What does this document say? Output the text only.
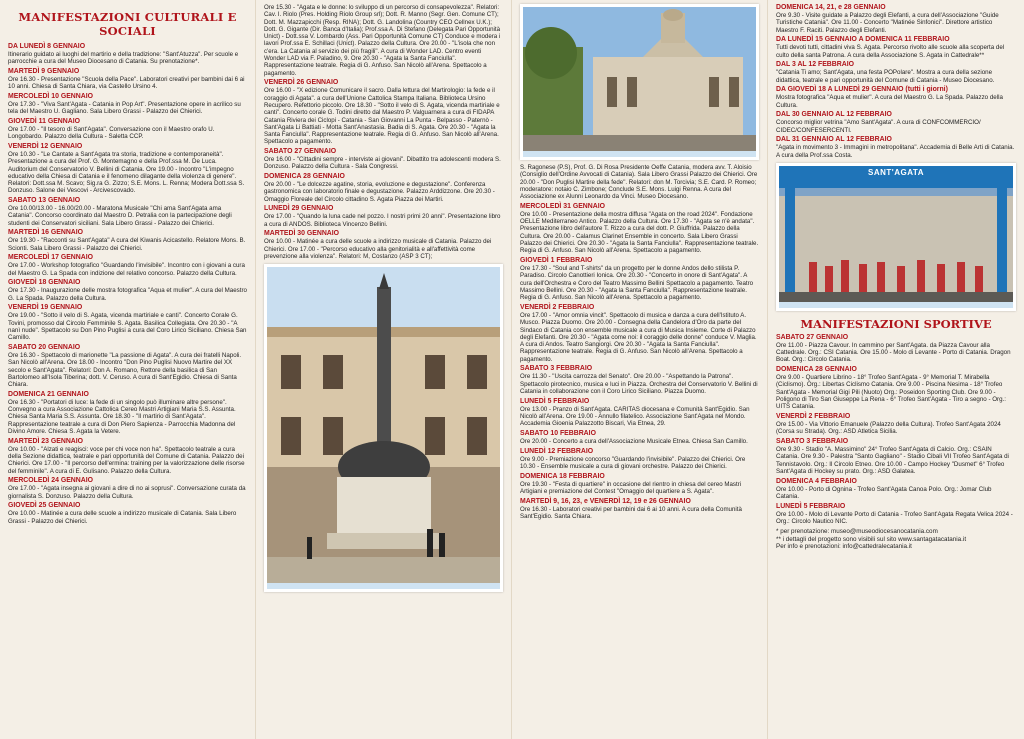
MANIFESTAZIONI CULTURALI E SOCIALI
DA LUNEDÌ 8 GENNAIO
Itinerario guidato ai luoghi del martirio e della tradizione: "Sant'Atuzza". Per scuole e parrocchie a cura del Museo Diocesano di Catania. Su prenotazione*.
MARTEDÌ 9 GENNAIO
Ore 16.30 - Presentazione "Scuola della Pace". Laboratori creativi per bambini dai 6 ai 10 anni. Chiesa di Santa Chiara, via Castello Ursino 4.
MERCOLEDÌ 10 GENNAIO
Ore 17.30 - "Viva Sant'Agata - Catania in Pop Art". Presentazione opere in acrilico su tela del Maestro U. Gagliano. Sala Libero Grassi - Palazzo dei Chierici.
GIOVEDÌ 11 GENNAIO
Ore 17.00 - "Il tesoro di Sant'Agata". Conversazione con il Maestro orafo U. Longobardo. Palazzo della Cultura - Saletta CCP.
VENERDÌ 12 GENNAIO
Ore 10.30 - "Le Cantate a Sant'Agata tra storia, tradizione e contemporaneità". Presentazione a cura del Prof. G. Montemagno e della Prof.ssa M. De Luca. Auditorium del Conservatorio V. Bellini di Catania. Ore 19.00 - Incontro "L'impegno educativo della Chiesa di Catania e il fenomeno dilagante della violenza di genere". Relatori: Dott.ssa M. Scavo; Sig.ra G. Zizzo; S.E. Mons. L. Renna; Modera Dott.ssa S. Donzuso. Salone dei Vescovi - Arcivescovado.
SABATO 13 GENNAIO
Ore 10.00/13.00 - 16.00/20.00 - Maratona Musicale "Chi ama Sant'Agata ama Catania". Concorso coordinato dal Maestro D. Petralia con la partecipazione degli studenti dei Conservatori siciliani. Sala Libero Grassi - Palazzo dei Chierici.
MARTEDÌ 16 GENNAIO
Ore 19.30 - "Racconti su Sant'Agata" A cura del Kiwanis Acicastello. Relatore Mons. B. Scionti. Sala Libero Grassi - Palazzo dei Chierici.
MERCOLEDÌ 17 GENNAIO
Ore 17.00 - Workshop fotografico "Guardando l'invisibile". Incontro con i giovani a cura del Maestro G. La Spada con indizione del relativo concorso. Palazzo della Cultura.
GIOVEDÌ 18 GENNAIO
Ore 17.30 - Inaugurazione delle mostra fotografica "Aqua et mulier". A cura del Maestro G. La Spada. Palazzo della Cultura.
VENERDÌ 19 GENNAIO
Ore 19.00 - "Sotto il velo di S. Agata, vicenda martiriale e canti". Concerto Corale G. Tovini, promosso dal Circolo Femminile S. Agata. Basilica Collegiata. Ore 20.30 - "A nanì nude". Spettacolo su Don Pino Puglisi a cura del Coro Lirico Siciliano. Chiesa San Camillo.
SABATO 20 GENNAIO
Ore 16.30 - Spettacolo di marionette "La passione di Agata". A cura dei fratelli Napoli. San Nicolò all'Arena. Ore 18.00 - Incontro "Don Pino Puglisi Nuovo Martire del XX secolo e Sant'Agata". Relatori: Don A. Romano, Rettore della basilica di San Bartolomeo all'Isola Tiberina; dott. V. Ceruso. A cura di Sant'Egidio. Chiesa di Santa Chiara.
DOMENICA 21 GENNAIO
Ore 16.30 - "Portatori di luce: la fede di un singolo può illuminare altre persone". Convegno a cura Associazione Cattolica Cereo Mastri Artigiani Maria S.S. Assunta. Chiesa Santa Maria S.S. Assunta. Ore 18.30 - "Il martirio di Sant'Agata". Rappresentazione teatrale a cura di Don Piero Sapienza - Parrocchia Madonna del Divino Amore. Chiesa S. Agata la Vetere.
MARTEDÌ 23 GENNAIO
Ore 10.00 - "Alzati e reagisci: voce per chi voce non ha". Spettacolo teatrale a cura della Sezione didattica, teatrale e pari opportunità del Comune di Catania. Palazzo dei Chierici. Ore 17.00 - "Il percorso dell'ermina: training per la valorizzazione delle risorse del femminile". A cura di E. Gulisano. Palazzo della Cultura.
MERCOLEDÌ 24 GENNAIO
Ore 17.00 - "Agata insegna ai giovani a dire di no ai soprusi". Conversazione curata da giornalista S. Donzuso. Palazzo della Cultura.
GIOVEDÌ 25 GENNAIO
Ore 10.00 - Matinée a cura delle scuole a indirizzo musicale di Catania. Sala Libero Grassi - Palazzo dei Chierici.
Ore 15.30 - "Agata e le donne: lo sviluppo di un percorso di consapevolezza". Relatori: Cav. I. Riolo (Pres. Holding Riolo Group srl); Dott. R. Manno (Segr. Gen. Comune CT); Dott. M. Mazzapicchi (Resp. RINA); Dott. G. Landolina (Country CEO Cellnex U.K.); Dott. G. Gigante (Dir. Banca d'Italia); Prof.ssa A. Di Stefano (Delegata Pari Opportunità Unict) - Dott.ssa V. Lombardo (Ass. Pari Opportunità Comune CT) Conduce e modera i lavori Prof.ssa E. Schillaci (Unict). Palazzo della Cultura. Ore 20.00 - "L'isola che non c'era. La Catania al servizio dei più fragili". A cura di Wonder LAD. Centro eventi Wonder LAD via F. Paladino, 9. Ore 20.30 - "Agata la Santa Fanciulla". Rappresentazione teatrale. Regia di G. Anfuso. San Nicolò all'Arena. Spettacolo a pagamento.
VENERDÌ 26 GENNAIO
Ore 16.00 - "X edizione Comunicare il sacro. Dalla lettura del Martirologio: la fede e il coraggio di Agata". a cura dell'Unione Cattolica Stampa Italiana. Biblioteca Ursino Recupero. Refettorio piccolo. Ore 18.30 - "Sotto il velo di S. Agata, vicenda martiriale e canti". Concerto corale G. Todini diretto dal Maestro P. Valguarnera a cura di FIDAPA Catania Riviera dei Ciclopi - Catania - San Giovanni La Punta - Belpasso - Paternò - Sant'Agata Li Battiati - Motta Sant'Anastasia. Badia di S. Agata. Ore 20.30 - "Agata la Santa Fanciulla". Rappresentazione teatrale. Regia di G. Anfuso. San Nicolò all'Arena. Spettacolo a pagamento.
SABATO 27 GENNAIO
Ore 16.00 - "Cittadini sempre - interviste ai giovani". Dibattito tra adolescenti modera S. Donzuso. Palazzo della Cultura - Sala Congressi.
DOMENICA 28 GENNAIO
Ore 20.00 - "Le dolcezze agatine, storia, evoluzione e degustazione". Conferenza gastronomica con laboratorio finale e degustazione. Palazzo Arddizzone. Ore 20.30 - Omaggio Floreale del Circolo cittadino S. Agata Piazza dei Martiri.
LUNEDÌ 29 GENNAIO
Ore 17.00 - "Quando la luna cade nel pozzo. I nostri primi 20 anni". Presentazione libro a cura di ANDOS. Biblioteca Vincenzo Bellini.
MARTEDÌ 30 GENNAIO
Ore 10.00 - Matinée a cura delle scuole a indirizzo musicale di Catania. Palazzo dei Chierici. Ore 17.00 - "Percorso educativo alla genitorialità e all'affettività come prevenzione alla violenza". Relatori: M, Costanzo (ASP 3 CT);
S. Ragonese (P.S), Prof. G. Di Rosa Presidente Oeffe Catania, modera avv. T. Aloisio (Consiglio dell'Ordine Avvocati di Catania). Sala Libero Grassi Palazzo dei Chierici. Ore 20.00 - "Don Puglisi Martire della fede". Relatori: don M. Torcivia; S.E. Card. P. Romeo; moderatore: notaio C. Zimbone; Conclude S.E. Mons. Luigi Renna. A cura del Associazione ex Alunni Leonardo da Vinci. Museo Diocesano.
MERCOLEDÌ 31 GENNAIO
Ore 10.00 - Presentazione della mostra diffusa "Agata on the road 2024". Fondazione OELLE Mediterraneo Antico. Palazzo della Cultura. Ore 17.30 - "Agata se n'è andata". Presentazione libro dell'autore T. Rizzo a cura del dott. P. Giuffrida. Palazzo della Cultura. Ore 20.00 - Calamus Clarinet Ensemble in concerto. Sala Libero Grassi Palazzo dei Chierici. Ore 20.30 - "Agata la Santa Fanciulla". Rappresentazione teatrale. Regia di G. Anfuso. San Nicolò all'Arena. Spettacolo a pagamento.
GIOVEDÌ 1 FEBBRAIO
Ore 17.30 - "Soul and T-shirts" da un progetto per le donne Andos dello stilista P. Paradiso. Circolo Canottieri Ionica. Ore 20.30 - "Concerto in onore di Sant'Agata". A cura dell'Orchestra e Coro del Teatro Massimo Bellini Spettacolo a pagamento. Teatro Massimo Bellini. Ore 20.30 - "Agata la Santa Fanciulla". Rappresentazione teatrale. Regia di G. Anfuso. San Nicolò all'Arena. Spettacolo a pagamento.
VENERDÌ 2 FEBBRAIO
Ore 17.00 - "Amor omnia vincit". Spettacolo di musica e danza a cura dell'Istituto A. Musco. Piazza Duomo. Ore 20.00 - Consegna della Candelora d'Oro da parte del Sindaco di Catania con ensemble musicale a cura di Musica Insieme. Corte di Palazzo degli Elefanti. Ore 20.30 - "Agata come noi: il coraggio delle donne" conduce V. Maglia. A cura di Andos. Teatro Sangiorgi. Ore 20.30 - "Agata la Santa Fanciulla". Rappresentazione teatrale. Regia di G. Anfuso. San Nicolò all'Arena. Spettacolo a pagamento.
SABATO 3 FEBBRAIO
Ore 11.30 - "Uscita carrozza del Senato". Ore 20.00 - "Aspettando la Patrona". Spettacolo pirotecnico, musica e luci in Piazza. Orchestra del Conservatorio V. Bellini di Catania in collaborazione con il Coro Lirico Siciliano. Piazza Duomo.
LUNEDÌ 5 FEBBRAIO
Ore 13.00 - Pranzo di Sant'Agata. CARITAS diocesana e Comunità Sant'Egidio. San Nicolò all'Arena. Ore 19.00 - Annullo filatelico. Associazione Sant'Agata nel Mondo. Accademia Gioenia Palazzotto Biscari, Via Etnea, 29.
SABATO 10 FEBBRAIO
Ore 20.00 - Concerto a cura dell'Associazione Musicale Etnea. Chiesa San Camillo.
LUNEDÌ 12 FEBBRAIO
Ore 9.00 - Premiazione concorso "Guardando l'invisibile". Palazzo dei Chierici. Ore 10.30 - Ensemble musicale a cura di giovani orchestre. Palazzo dei Chierici.
DOMENICA 18 FEBBRAIO
Ore 19.30 - "Festa di quartiere" in occasione del rientro in chiesa del cereo Mastri Artigiani e premiazione del Contest "Omaggio del quartiere a S. Agata".
MARTEDÌ 9, 16, 23, e VENERDÌ 12, 19 e 26 GENNAIO
Ore 16.30 - Laboratori creativi per bambini dai 6 ai 10 anni. A cura della Comunità Sant'Egidio. Santa Chiara.
DOMENICA 14, 21, e 28 GENNAIO
Ore 9.30 - Visite guidate a Palazzo degli Elefanti, a cura dell'Associazione "Guide Turistiche Catania". Ore 11.00 - Concerto "Matinée Sinfonici". Direttore artistico Maestro F. Raciti. Palazzo degli Elefanti.
DA LUNEDÌ 15 GENNAIO A DOMENICA 11 FEBBRAIO
Tutti devoti tutti, cittadini viva S. Agata. Percorso rivolto alle scuole alla scoperta del culto della santa Patrona. A cura della Associazione S. Agata in Cattedrale**
DAL 3 AL 12 FEBBRAIO
"Catania Ti amo; Sant'Agata, una festa POPolare". Mostra a cura della sezione didattica, teatrale e pari opportunità del Comune di Catania - Museo Diocesano.
DA GIOVEDÌ 18 A LUNEDÌ 29 GENNAIO (tutti i giorni)
Mostra fotografica "Aqua et mulier". A cura del Maestro G. La Spada. Palazzo della Cultura.
DAL 30 GENNAIO AL 12 FEBBRAIO
Concorso miglior vetrina "Amo Sant'Agata". A cura di CONFCOMMERCIO/ CIDEC/CONFESERCENTI.
DAL 31 GENNAIO AL 12 FEBBRAIO
"Agata in movimento 3 - Immagini in metropolitana". Accademia di Belle Arti di Catania. A cura della Prof.ssa Costa.
SANT'AGATA
MANIFESTAZIONI SPORTIVE
SABATO 27 GENNAIO
Ore 11.00 - Piazza Cavour. In cammino per Sant'Agata. da Piazza Cavour alla Cattedrale. Org.: CSI Catania. Ore 15.00 - Molo di Levante - Porto di Catania. Dragon Boat. Org.: Circolo Catania.
DOMENICA 28 GENNAIO
Ore 9.00 - Quartiere Librino - 18° Trofeo Sant'Agata - 9° Memorial T. Mirabella (Ciclismo). Org.: Libertas Ciclismo Catania. Ore 9.00 - Piscina Nesima - 18° Trofeo Sant'Agata - Memorial Gigi Pili (Nuoto) Org.: Poseidon Sporting Club. Ore 9.00 - Poligono di Tiro San Giuseppe La Rena - 6° Trofeo Sant'Agata - Tiro a segno - Org.: UITS Catania.
VENERDÌ 2 FEBBRAIO
Ore 15.00 - Via Vittorio Emanuele (Palazzo della Cultura). Trofeo Sant'Agata 2024 (Corsa su Strada). Org.: ASD Atletica Sicilia.
SABATO 3 FEBBRAIO
Ore 9.30 - Stadio "A. Massimino" 24° Trofeo Sant'Agata di Calcio. Org.: CSAIN Catania. Ore 9.30 - Palestra "Santo Gagliano" - Stadio Cibali VII Trofeo Sant'Agata di Tennistavolo. Org.: Il Circolo Etneo. Ore 10.00 - Campo Hockey "Dusmet" 6° Trofeo Sant'Agata di Hockey su prato. Org.: ASD Galatea.
DOMENICA 4 FEBBRAIO
Ore 10.00 - Porto di Ognina - Trofeo Sant'Agata Canoa Polo. Org.: Jomar Club Catania.
LUNEDÌ 5 FEBBRAIO
Ore 10.00 - Molo di Levante Porto di Catania - Trofeo Sant'Agata Regata Velica 2024 - Org.: Circolo Nautico NIC.
* per prenotazione: museo@museodiocesanocatania.com
** i dettagli del progetto sono visibili sul sito www.santagatacatania.it
Per info e prenotazioni: info@cattedralecatania.it
